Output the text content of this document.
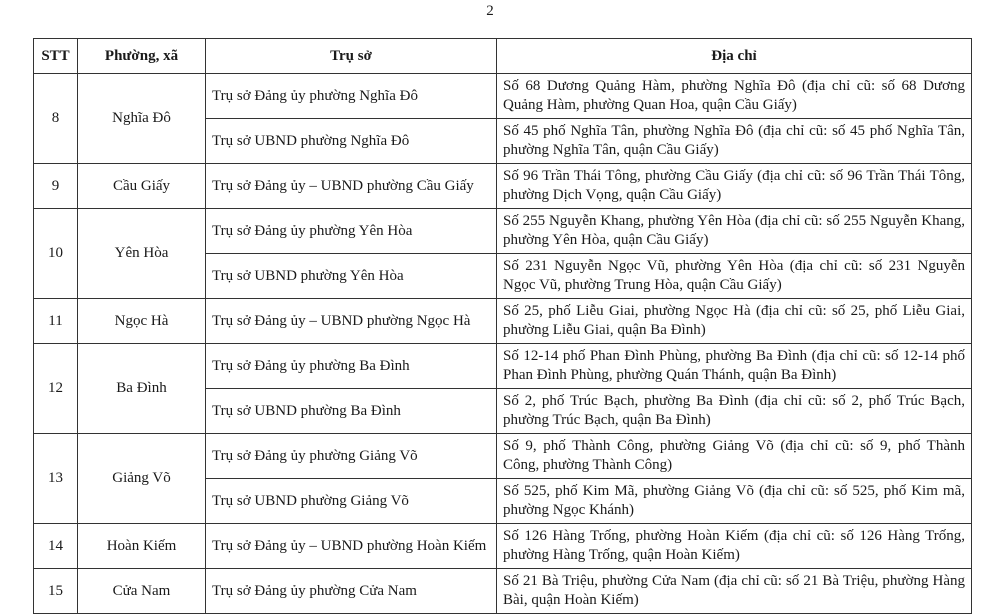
2
STT	Phường, xã	Trụ sở	Địa chỉ
8	Nghĩa Đô	Trụ sở Đảng ủy phường Nghĩa Đô	Số 68 Dương Quảng Hàm, phường Nghĩa Đô (địa chỉ cũ: số 68 Dương Quảng Hàm, phường Quan Hoa, quận Cầu Giấy)
		Trụ sở UBND phường Nghĩa Đô	Số 45 phố Nghĩa Tân, phường Nghĩa Đô (địa chỉ cũ: số 45 phố Nghĩa Tân, phường Nghĩa Tân, quận Cầu Giấy)
9	Cầu Giấy	Trụ sở Đảng ủy – UBND phường Cầu Giấy	Số 96 Trần Thái Tông, phường Cầu Giấy (địa chỉ cũ: số 96 Trần Thái Tông, phường Dịch Vọng, quận Cầu Giấy)
10	Yên Hòa	Trụ sở Đảng ủy phường Yên Hòa	Số 255 Nguyễn Khang, phường Yên Hòa (địa chỉ cũ: số 255 Nguyễn Khang, phường Yên Hòa, quận Cầu Giấy)
		Trụ sở UBND phường Yên Hòa	Số 231 Nguyễn Ngọc Vũ, phường Yên Hòa (địa chỉ cũ: số 231 Nguyễn Ngọc Vũ, phường Trung Hòa, quận Cầu Giấy)
11	Ngọc Hà	Trụ sở Đảng ủy – UBND phường Ngọc Hà	Số 25, phố Liễu Giai, phường Ngọc Hà (địa chỉ cũ: số 25, phố Liễu Giai, phường Liễu Giai, quận Ba Đình)
12	Ba Đình	Trụ sở Đảng ủy phường Ba Đình	Số 12-14 phố Phan Đình Phùng, phường Ba Đình (địa chỉ cũ: số 12-14 phố Phan Đình Phùng, phường Quán Thánh, quận Ba Đình)
		Trụ sở UBND phường Ba Đình	Số 2, phố Trúc Bạch, phường Ba Đình (địa chỉ cũ: số 2, phố Trúc Bạch, phường Trúc Bạch, quận Ba Đình)
13	Giảng Võ	Trụ sở Đảng ủy phường Giảng Võ	Số 9, phố Thành Công, phường Giảng Võ (địa chỉ cũ: số 9, phố Thành Công, phường Thành Công)
		Trụ sở UBND phường Giảng Võ	Số 525, phố Kim Mã, phường Giảng Võ (địa chỉ cũ: số 525, phố Kim mã, phường Ngọc Khánh)
14	Hoàn Kiếm	Trụ sở Đảng ủy – UBND phường Hoàn Kiếm	Số 126 Hàng Trống, phường Hoàn Kiếm (địa chỉ cũ: số 126 Hàng Trống, phường Hàng Trống, quận Hoàn Kiếm)
15	Cửa Nam	Trụ sở Đảng ủy phường Cửa Nam	Số 21 Bà Triệu, phường Cửa Nam (địa chỉ cũ: số 21 Bà Triệu, phường Hàng Bài, quận Hoàn Kiếm)
